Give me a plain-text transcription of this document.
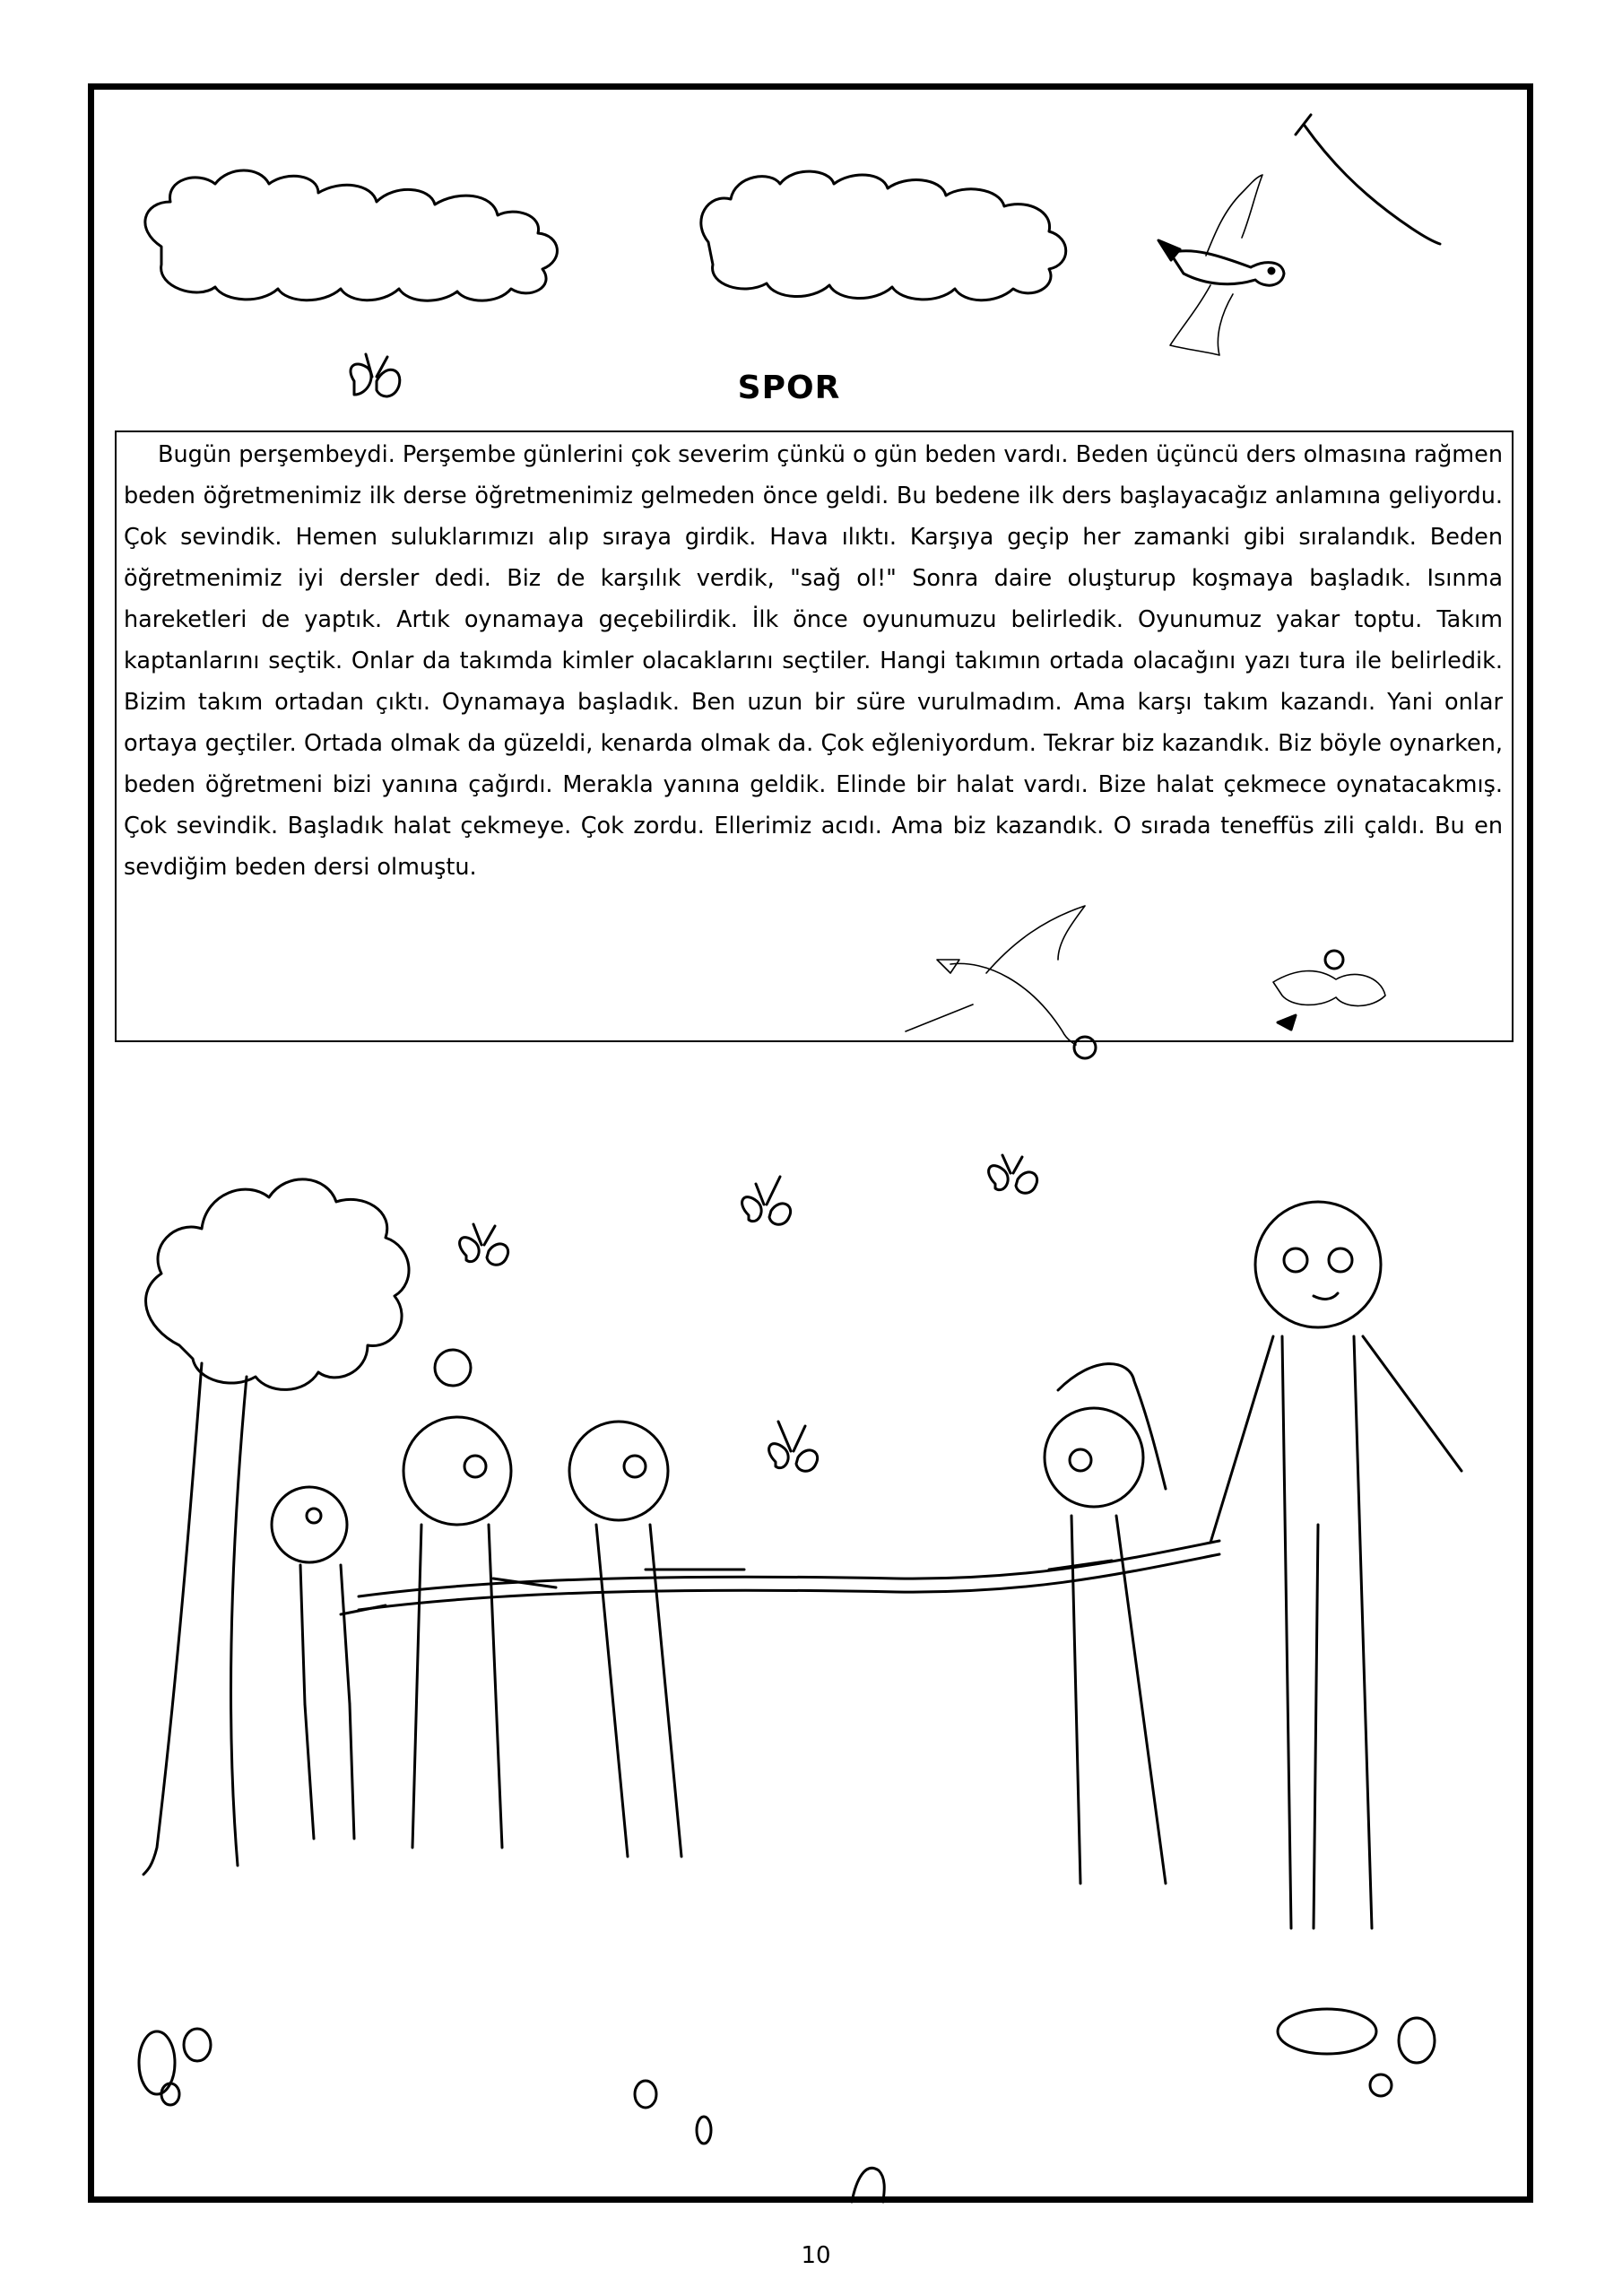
SPOR

Bugün perşembeydi. Perşembe günlerini çok severim çünkü o gün beden vardı. Beden üçüncü ders olmasına rağmen beden öğretmenimiz ilk derse öğretmenimiz gelmeden önce geldi. Bu bedene ilk ders başlayacağız anlamına geliyordu. Çok sevindik. Hemen suluklarımızı alıp sıraya girdik. Hava ılıktı. Karşıya geçip her zamanki gibi sıralandık. Beden öğretmenimiz iyi dersler dedi. Biz de karşılık verdik, "sağ ol!" Sonra daire oluşturup koşmaya başladık. Isınma hareketleri de yaptık. Artık oynamaya geçebilirdik. İlk önce oyunumuzu belirledik. Oyunumuz yakar toptu. Takım kaptanlarını seçtik. Onlar da takımda kimler olacaklarını seçtiler. Hangi takımın ortada olacağını yazı tura ile belirledik. Bizim takım ortadan çıktı. Oynamaya başladık. Ben uzun bir süre vurulmadım. Ama karşı takım kazandı. Yani onlar ortaya geçtiler. Ortada olmak da güzeldi, kenarda olmak da. Çok eğleniyordum. Tekrar biz kazandık. Biz böyle oynarken, beden öğretmeni bizi yanına çağırdı. Merakla yanına geldik. Elinde bir halat vardı. Bize halat çekmece oynatacakmış. Çok sevindik. Başladık halat çekmeye. Çok zordu. Ellerimiz acıdı. Ama biz kazandık. O sırada teneffüs zili çaldı. Bu en sevdiğim beden dersi olmuştu.

10
